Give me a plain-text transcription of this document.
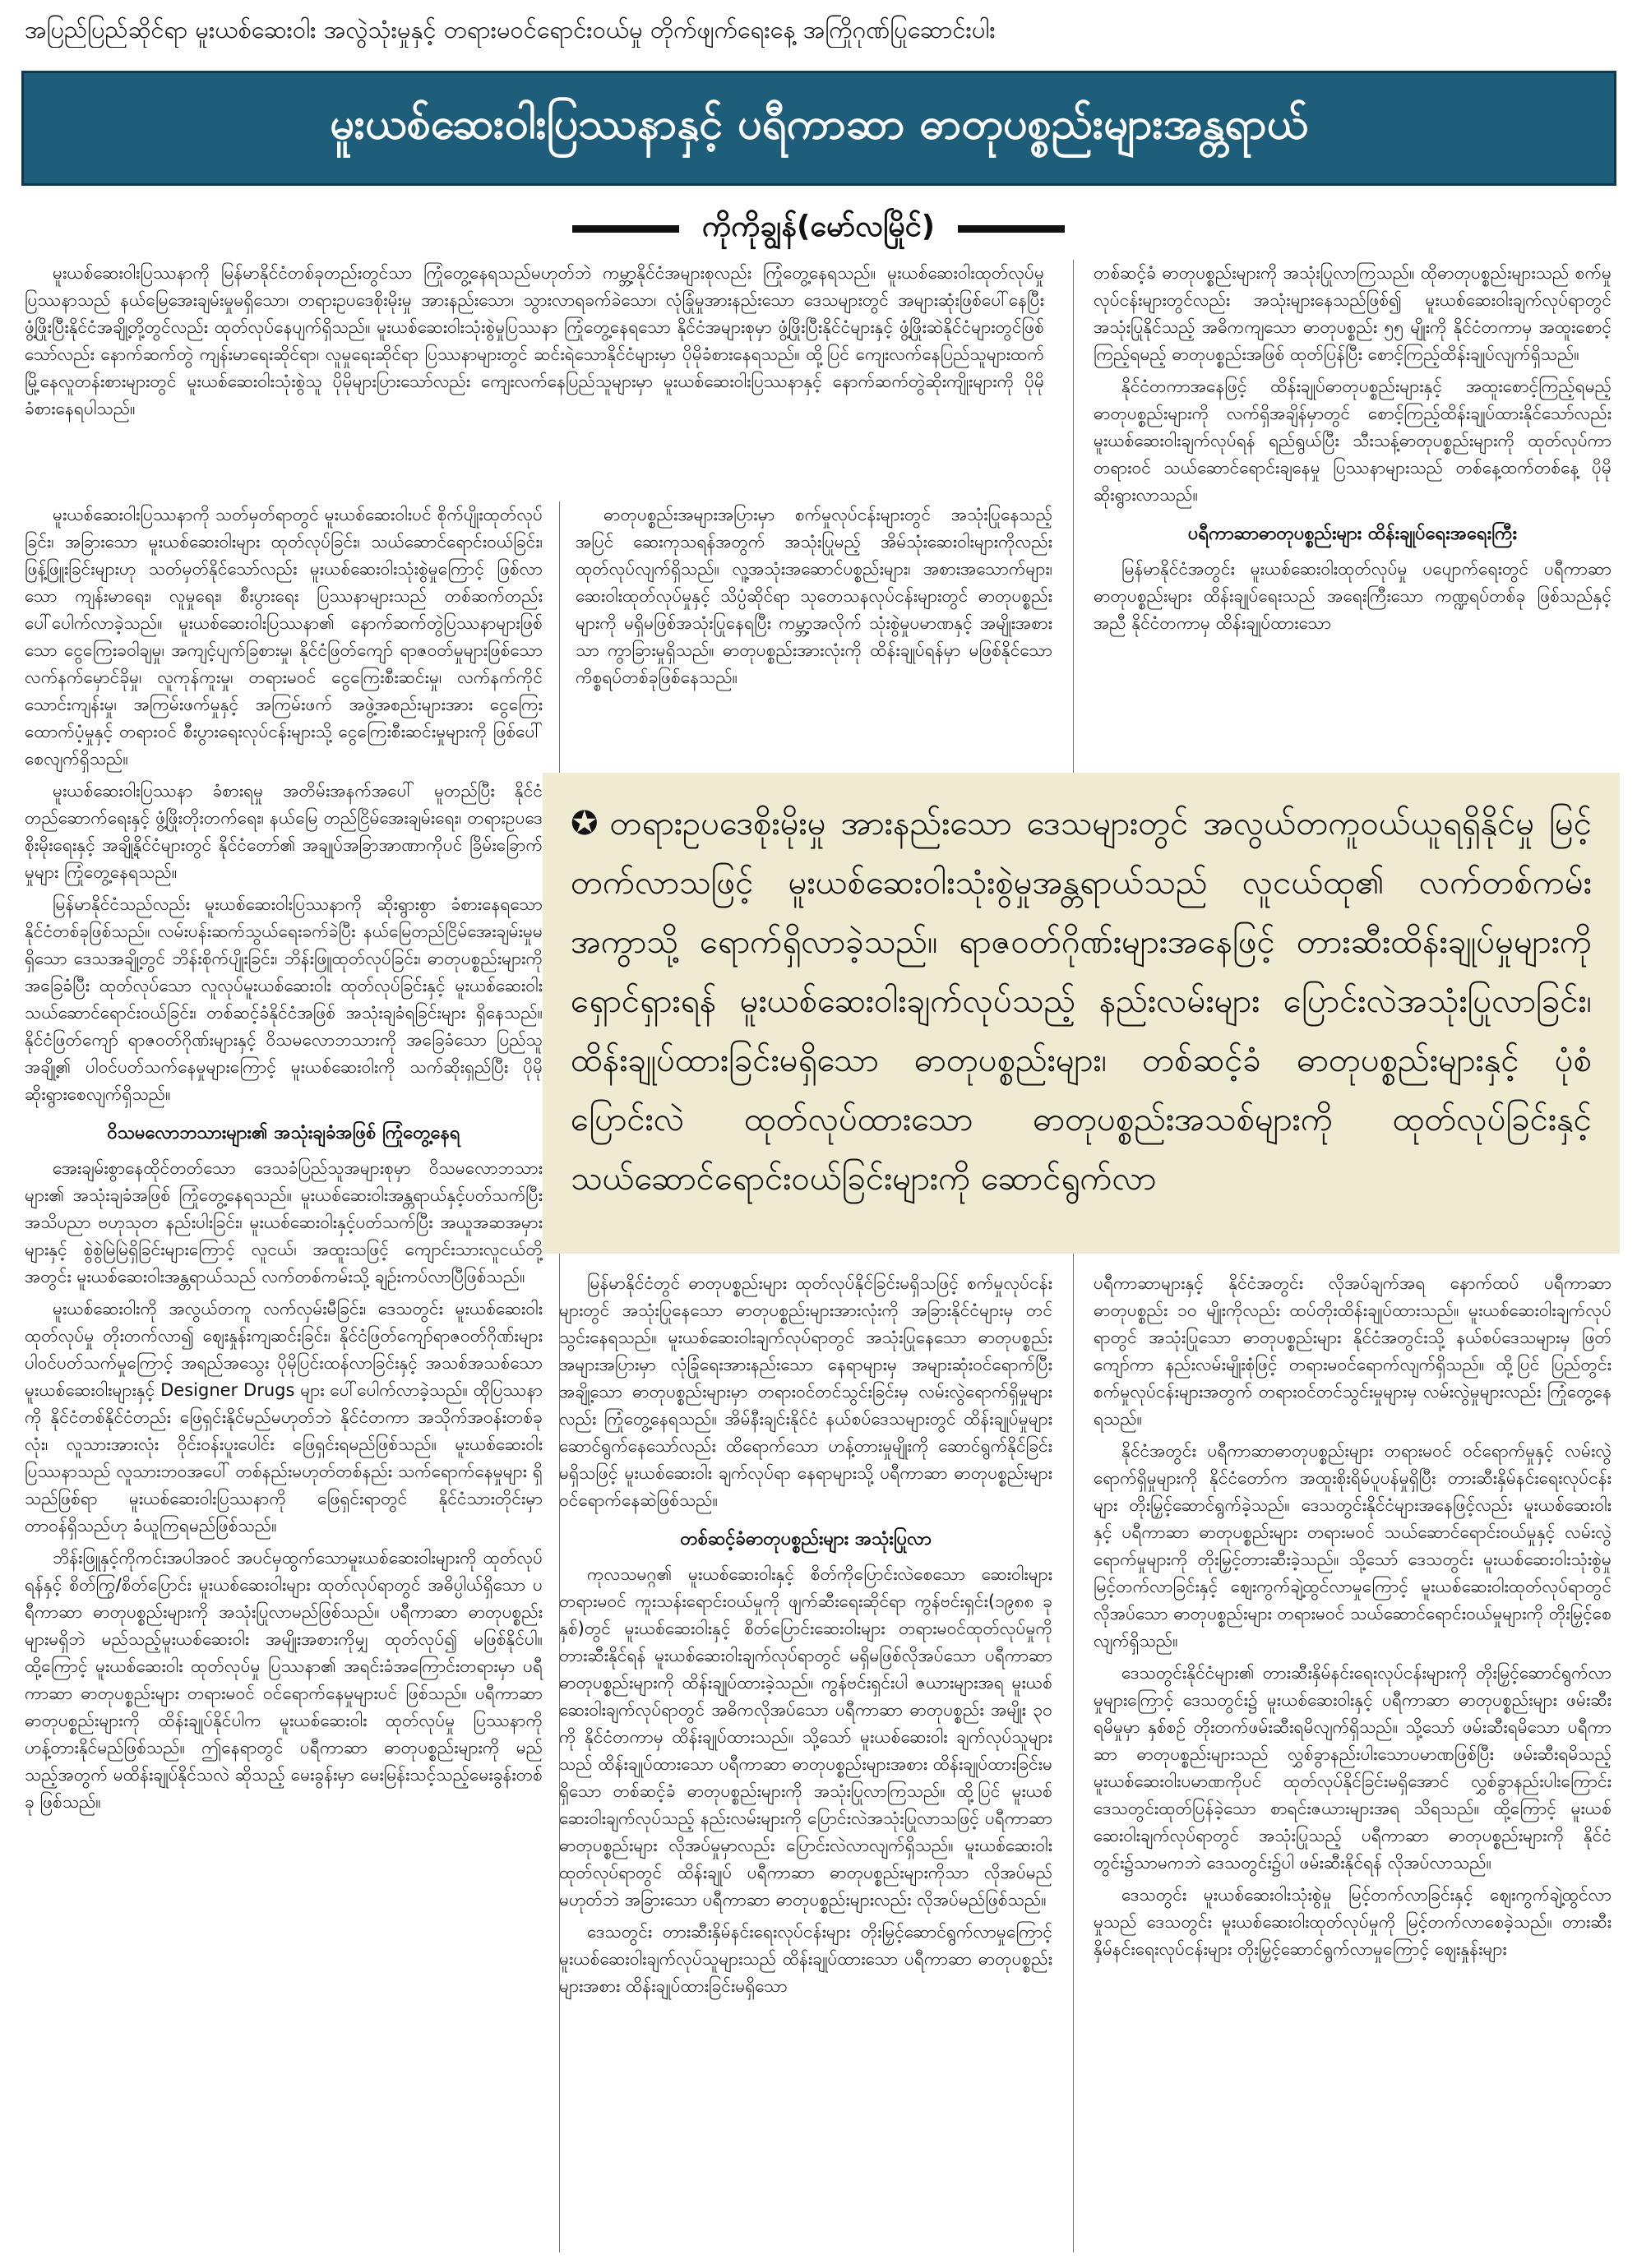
အပြည်ပြည်ဆိုင်ရာ မူးယစ်ဆေးဝါး အလွဲသုံးမှုနှင့် တရားမဝင်ရောင်းဝယ်မှု တိုက်ဖျက်ရေးနေ့ အကြိုဂုဏ်ပြုဆောင်းပါး
မူးယစ်ဆေးဝါးပြဿနာနှင့် ပရီကာဆာ ဓာတုပစ္စည်းများအန္တရာယ်
ကိုကိုချွန်(မော်လမြိုင်)

မူးယစ်ဆေးဝါးပြဿနာကို မြန်မာနိုင်ငံတစ်ခုတည်းတွင်သာ ကြုံတွေ့နေရသည်မဟုတ်ဘဲ ကမ္ဘာ့နိုင်ငံအများစုလည်း ကြုံတွေ့နေရသည်။ မူးယစ်ဆေးဝါးထုတ်လုပ်မှု ပြဿနာသည် နယ်မြေအေးချမ်းမှုမရှိသော၊ တရားဥပဒေစိုးမိုးမှု အားနည်းသော၊ သွားလာရခက်ခဲသော၊ လုံခြုံမှုအားနည်းသော ဒေသများတွင် အများဆုံးဖြစ်ပေါ်နေပြီး ဖွံ့ဖြိုးပြီးနိုင်ငံအချို့တို့တွင်လည်း ထုတ်လုပ်နေပျက်ရှိသည်။ မူးယစ်ဆေးဝါးသုံးစွဲမှုပြဿနာ ကြုံတွေ့နေရသော နိုင်ငံအများစုမှာ ဖွံ့ဖြိုးပြီးနိုင်ငံများနှင့် ဖွံ့ဖြိုးဆဲနိုင်ငံများတွင်ဖြစ်သော်လည်း နောက်ဆက်တွဲ ကျန်းမာရေးဆိုင်ရာ၊ လူမှုရေးဆိုင်ရာ ပြဿနာများတွင် ဆင်းရဲသောနိုင်ငံများမှာ ပိုမိုခံစားနေရသည်။ ထို့ပြင် ကျေးလက်နေပြည်သူများထက် မြို့နေလူတန်းစားများတွင် မူးယစ်ဆေးဝါးသုံးစွဲသူ ပိုမိုများပြားသော်လည်း ကျေးလက်နေပြည်သူများမှာ မူးယစ်ဆေးဝါးပြဿနာနှင့် နောက်ဆက်တွဲဆိုးကျိုးများကို ပိုမိုခံစားနေရပါသည်။

မူးယစ်ဆေးဝါးပြဿနာကို သတ်မှတ်ရာတွင် မူးယစ်ဆေးဝါးပင် စိုက်ပျိုးထုတ်လုပ်ခြင်း၊ အခြားသော မူးယစ်ဆေးဝါးများ ထုတ်လုပ်ခြင်း၊ သယ်ဆောင်ရောင်းဝယ်ခြင်း၊ ဖြန့်ဖြူးခြင်းများဟု သတ်မှတ်နိုင်သော်လည်း မူးယစ်ဆေးဝါးသုံးစွဲမှုကြောင့် ဖြစ်လာသော ကျန်းမာရေး၊ လူမှုရေး၊ စီးပွားရေး ပြဿနာများသည် တစ်ဆက်တည်း ပေါ်ပေါက်လာခဲ့သည်။ မူးယစ်ဆေးဝါးပြဿနာ၏ နောက်ဆက်တွဲပြဿနာများဖြစ်သော ငွေကြေးခဝါချမှု၊ အကျင့်ပျက်ခြစားမှု၊ နိုင်ငံဖြတ်ကျော် ရာဇဝတ်မှုများဖြစ်သော လက်နက်မှောင်ခိုမှု၊ လူကုန်ကူးမှု၊ တရားမဝင် ငွေကြေးစီးဆင်းမှု၊ လက်နက်ကိုင် သောင်းကျန်းမှု၊ အကြမ်းဖက်မှုနှင့် အကြမ်းဖက် အဖွဲ့အစည်းများအား ငွေကြေးထောက်ပံ့မှုနှင့် တရားဝင် စီးပွားရေးလုပ်ငန်းများသို့ ငွေကြေးစီးဆင်းမှုများကို ဖြစ်ပေါ်စေလျက်ရှိသည်။

မူးယစ်ဆေးဝါးပြဿနာ ခံစားရမှု အတိမ်းအနက်အပေါ် မူတည်ပြီး နိုင်ငံတည်ဆောက်ရေးနှင့် ဖွံ့ဖြိုးတိုးတက်ရေး၊ နယ်မြေ တည်ငြိမ်အေးချမ်းရေး၊ တရားဥပဒေစိုးမိုးရေးနှင့် အချို့နိုင်ငံများတွင် နိုင်ငံတော်၏ အချုပ်အခြာအာဏာကိုပင် ခြိမ်းခြောက်မှုများ ကြုံတွေ့နေရသည်။

မြန်မာနိုင်ငံသည်လည်း မူးယစ်ဆေးဝါးပြဿနာကို ဆိုးရွားစွာ ခံစားနေရသော နိုင်ငံတစ်ခုဖြစ်သည်။ လမ်းပန်းဆက်သွယ်ရေးခက်ခဲပြီး နယ်မြေတည်ငြိမ်အေးချမ်းမှုမရှိသော ဒေသအချို့တွင် ဘိန်းစိုက်ပျိုးခြင်း၊ ဘိန်းဖြူထုတ်လုပ်ခြင်း၊ ဓာတုပစ္စည်းများကိုအခြေခံပြီး ထုတ်လုပ်သော လူလုပ်မူးယစ်ဆေးဝါး ထုတ်လုပ်ခြင်းနှင့် မူးယစ်ဆေးဝါး သယ်ဆောင်ရောင်းဝယ်ခြင်း၊ တစ်ဆင့်ခံနိုင်ငံအဖြစ် အသုံးချခံရခြင်းများ ရှိနေသည်။ နိုင်ငံဖြတ်ကျော် ရာဇဝတ်ဂိုဏ်းများနှင့် ဝိသမလောဘသားကို အခြေခံသော ပြည်သူအချို့၏ ပါဝင်ပတ်သက်နေမှုများကြောင့် မူးယစ်ဆေးဝါးကို သက်ဆိုးရှည်ပြီး ပိုမိုဆိုးရွားစေလျက်ရှိသည်။

ဝိသမလောဘသားများ၏ အသုံးချခံအဖြစ် ကြုံတွေ့နေရ

အေးချမ်းစွာနေထိုင်တတ်သော ဒေသခံပြည်သူအများစုမှာ ဝိသမလောဘသားများ၏ အသုံးချခံအဖြစ် ကြုံတွေ့နေရသည်။ မူးယစ်ဆေးဝါးအန္တရာယ်နှင့်ပတ်သက်ပြီး အသိပညာ ဗဟုသုတ နည်းပါးခြင်း၊ မူးယစ်ဆေးဝါးနှင့်ပတ်သက်ပြီး အယူအဆအမှားများနှင့် စွဲစွဲမြဲမြဲရှိခြင်းများကြောင့် လူငယ်၊ အထူးသဖြင့် ကျောင်းသားလူငယ်တို့အတွင်း မူးယစ်ဆေးဝါးအန္တရာယ်သည် လက်တစ်ကမ်းသို့ ချဉ်းကပ်လာပြီဖြစ်သည်။

မူးယစ်ဆေးဝါးကို အလွယ်တကူ လက်လှမ်းမီခြင်း၊ ဒေသတွင်း မူးယစ်ဆေးဝါးထုတ်လုပ်မှု တိုးတက်လာ၍ ဈေးနှုန်းကျဆင်းခြင်း၊ နိုင်ငံဖြတ်ကျော်ရာဇဝတ်ဂိုဏ်းများ ပါဝင်ပတ်သက်မှုကြောင့် အရည်အသွေး ပိုမိုပြင်းထန်လာခြင်းနှင့် အသစ်အသစ်သော မူးယစ်ဆေးဝါးများနှင့် Designer Drugs များ ပေါ်ပေါက်လာခဲ့သည်။ ထိုပြဿနာကို နိုင်ငံတစ်နိုင်ငံတည်း ဖြေရှင်းနိုင်မည်မဟုတ်ဘဲ နိုင်ငံတကာ အသိုက်အဝန်းတစ်ခုလုံး၊ လူသားအားလုံး ဝိုင်းဝန်းပူးပေါင်း ဖြေရှင်းရမည်ဖြစ်သည်။ မူးယစ်ဆေးဝါးပြဿနာသည် လူသားဘဝအပေါ် တစ်နည်းမဟုတ်တစ်နည်း သက်ရောက်နေမှုများ ရှိသည်ဖြစ်ရာ မူးယစ်ဆေးဝါးပြဿနာကို ဖြေရှင်းရာတွင် နိုင်ငံသားတိုင်းမှာ တာဝန်ရှိသည်ဟု ခံယူကြရမည်ဖြစ်သည်။

ဘိန်းဖြူနှင့်ကိုကင်းအပါအဝင် အပင်မှထွက်သောမူးယစ်ဆေးဝါးများကို ထုတ်လုပ်ရန်နှင့် စိတ်ကြွ/စိတ်ပြောင်း မူးယစ်ဆေးဝါးများ ထုတ်လုပ်ရာတွင် အဓိပ္ပါယ်ရှိသော ပရီကာဆာ ဓာတုပစ္စည်းများကို အသုံးပြုလာမည်ဖြစ်သည်။ ပရီကာဆာ ဓာတုပစ္စည်းများမရှိဘဲ မည်သည့်မူးယစ်ဆေးဝါး အမျိုးအစားကိုမျှ ထုတ်လုပ်၍ မဖြစ်နိုင်ပါ။ ထို့ကြောင့် မူးယစ်ဆေးဝါး ထုတ်လုပ်မှု ပြဿနာ၏ အရင်းခံအကြောင်းတရားမှာ ပရီကာဆာ ဓာတုပစ္စည်းများ တရားမဝင် ဝင်ရောက်နေမှုများပင် ဖြစ်သည်။ ပရီကာဆာ ဓာတုပစ္စည်းများကို ထိန်းချုပ်နိုင်ပါက မူးယစ်ဆေးဝါး ထုတ်လုပ်မှု ပြဿနာကို ဟန့်တားနိုင်မည်ဖြစ်သည်။ ဤနေရာတွင် ပရီကာဆာ ဓာတုပစ္စည်းများကို မည်သည့်အတွက် မထိန်းချုပ်နိုင်သလဲ ဆိုသည့် မေးခွန်းမှာ မေးမြန်းသင့်သည့်မေးခွန်းတစ်ခု ဖြစ်သည်။

ဓာတုပစ္စည်းအများအပြားမှာ စက်မှုလုပ်ငန်းများတွင် အသုံးပြုနေသည့်အပြင် ဆေးကုသရန်အတွက် အသုံးပြုမည့် အိမ်သုံးဆေးဝါးများကိုလည်း ထုတ်လုပ်လျက်ရှိသည်။ လူ့အသုံးအဆောင်ပစ္စည်းများ၊ အစားအသောက်များ၊ ဆေးဝါးထုတ်လုပ်မှုနှင့် သိပ္ပံဆိုင်ရာ သုတေသနလုပ်ငန်းများတွင် ဓာတုပစ္စည်းများကို မရှိမဖြစ်အသုံးပြုနေရပြီး ကမ္ဘာ့အလိုက် သုံးစွဲမှုပမာဏနှင့် အမျိုးအစားသာ ကွာခြားမှုရှိသည်။ ဓာတုပစ္စည်းအားလုံးကို ထိန်းချုပ်ရန်မှာ မဖြစ်နိုင်သော ကိစ္စရပ်တစ်ခုဖြစ်နေသည်။

တစ်ဆင့်ခံ ဓာတုပစ္စည်းများကို အသုံးပြုလာကြသည်။ ထိုဓာတုပစ္စည်းများသည် စက်မှုလုပ်ငန်းများတွင်လည်း အသုံးများနေသည်ဖြစ်၍ မူးယစ်ဆေးဝါးချက်လုပ်ရာတွင် အသုံးပြုနိုင်သည့် အဓိကကျသော ဓာတုပစ္စည်း ၅၅ မျိုးကို နိုင်ငံတကာမှ အထူးစောင့်ကြည့်ရမည့် ဓာတုပစ္စည်းအဖြစ် ထုတ်ပြန်ပြီး စောင့်ကြည့်ထိန်းချုပ်လျက်ရှိသည်။

နိုင်ငံတကာအနေဖြင့် ထိန်းချုပ်ဓာတုပစ္စည်းများနှင့် အထူးစောင့်ကြည့်ရမည့် ဓာတုပစ္စည်းများကို လက်ရှိအချိန်မှာတွင် စောင့်ကြည့်ထိန်းချုပ်ထားနိုင်သော်လည်း မူးယစ်ဆေးဝါးချက်လုပ်ရန် ရည်ရွယ်ပြီး သီးသန့်ဓာတုပစ္စည်းများကို ထုတ်လုပ်ကာ တရားဝင် သယ်ဆောင်ရောင်းချနေမှု ပြဿနာများသည် တစ်နေ့ထက်တစ်နေ့ ပိုမိုဆိုးရွားလာသည်။

ပရီကာဆာဓာတုပစ္စည်းများ ထိန်းချုပ်ရေးအရေးကြီး

မြန်မာနိုင်ငံအတွင်း မူးယစ်ဆေးဝါးထုတ်လုပ်မှု ပပျောက်ရေးတွင် ပရီကာဆာ ဓာတုပစ္စည်းများ ထိန်းချုပ်ရေးသည် အရေးကြီးသော ကဏ္ဍရပ်တစ်ခု ဖြစ်သည်နှင့်အညီ နိုင်ငံတကာမှ ထိန်းချုပ်ထားသော

✪ တရားဥပဒေစိုးမိုးမှု အားနည်းသော ဒေသများတွင် အလွယ်တကူဝယ်ယူရရှိနိုင်မှု မြင့်တက်လာသဖြင့် မူးယစ်ဆေးဝါးသုံးစွဲမှုအန္တရာယ်သည် လူငယ်ထု၏ လက်တစ်ကမ်းအကွာသို့ ရောက်ရှိလာခဲ့သည်။ ရာဇဝတ်ဂိုဏ်းများအနေဖြင့် တားဆီးထိန်းချုပ်မှုများကို ရှောင်ရှားရန် မူးယစ်ဆေးဝါးချက်လုပ်သည့် နည်းလမ်းများ ပြောင်းလဲအသုံးပြုလာခြင်း၊ ထိန်းချုပ်ထားခြင်းမရှိသော ဓာတုပစ္စည်းများ၊ တစ်ဆင့်ခံ ဓာတုပစ္စည်းများနှင့် ပုံစံပြောင်းလဲ ထုတ်လုပ်ထားသော ဓာတုပစ္စည်းအသစ်များကို ထုတ်လုပ်ခြင်းနှင့် သယ်ဆောင်ရောင်းဝယ်ခြင်းများကို ဆောင်ရွက်လာ

မြန်မာနိုင်ငံတွင် ဓာတုပစ္စည်းများ ထုတ်လုပ်နိုင်ခြင်းမရှိသဖြင့် စက်မှုလုပ်ငန်းများတွင် အသုံးပြုနေသော ဓာတုပစ္စည်းများအားလုံးကို အခြားနိုင်ငံများမှ တင်သွင်းနေရသည်။ မူးယစ်ဆေးဝါးချက်လုပ်ရာတွင် အသုံးပြုနေသော ဓာတုပစ္စည်းအများအပြားမှာ လုံခြုံရေးအားနည်းသော နေရာများမှ အများဆုံးဝင်ရောက်ပြီး အချို့သော ဓာတုပစ္စည်းများမှာ တရားဝင်တင်သွင်းခြင်းမှ လမ်းလွဲရောက်ရှိမှုများလည်း ကြုံတွေ့နေရသည်။ အိမ်နီးချင်းနိုင်ငံ နယ်စပ်ဒေသများတွင် ထိန်းချုပ်မှုများ ဆောင်ရွက်နေသော်လည်း ထိရောက်သော ဟန့်တားမှုမျိုးကို ဆောင်ရွက်နိုင်ခြင်း မရှိသဖြင့် မူးယစ်ဆေးဝါး ချက်လုပ်ရာ နေရာများသို့ ပရီကာဆာ ဓာတုပစ္စည်းများ ဝင်ရောက်နေဆဲဖြစ်သည်။

တစ်ဆင့်ခံဓာတုပစ္စည်းများ အသုံးပြုလာ

ကုလသမဂ္ဂ၏ မူးယစ်ဆေးဝါးနှင့် စိတ်ကိုပြောင်းလဲစေသော ဆေးဝါးများ တရားမဝင် ကူးသန်းရောင်းဝယ်မှုကို ဖျက်ဆီးရေးဆိုင်ရာ ကွန်ဗင်းရှင်း(၁၉၈၈ ခုနှစ်)တွင် မူးယစ်ဆေးဝါးနှင့် စိတ်ပြောင်းဆေးဝါးများ တရားမဝင်ထုတ်လုပ်မှုကို တားဆီးနိုင်ရန် မူးယစ်ဆေးဝါးချက်လုပ်ရာတွင် မရှိမဖြစ်လိုအပ်သော ပရီကာဆာဓာတုပစ္စည်းများကို ထိန်းချုပ်ထားခဲ့သည်။ ကွန်ဗင်းရှင်းပါ ဇယားများအရ မူးယစ်ဆေးဝါးချက်လုပ်ရာတွင် အဓိကလိုအပ်သော ပရီကာဆာ ဓာတုပစ္စည်း အမျိုး ၃၀ ကို နိုင်ငံတကာမှ ထိန်းချုပ်ထားသည်။ သို့သော် မူးယစ်ဆေးဝါး ချက်လုပ်သူများသည် ထိန်းချုပ်ထားသော ပရီကာဆာ ဓာတုပစ္စည်းများအစား ထိန်းချုပ်ထားခြင်းမရှိသော တစ်ဆင့်ခံ ဓာတုပစ္စည်းများကို အသုံးပြုလာကြသည်။ ထို့ပြင် မူးယစ်ဆေးဝါးချက်လုပ်သည့် နည်းလမ်းများကို ပြောင်းလဲအသုံးပြုလာသဖြင့် ပရီကာဆာဓာတုပစ္စည်းများ လိုအပ်မှုမှာလည်း ပြောင်းလဲလာလျက်ရှိသည်။ မူးယစ်ဆေးဝါးထုတ်လုပ်ရာတွင် ထိန်းချုပ် ပရီကာဆာ ဓာတုပစ္စည်းများကိုသာ လိုအပ်မည်မဟုတ်ဘဲ အခြားသော ပရီကာဆာ ဓာတုပစ္စည်းများလည်း လိုအပ်မည်ဖြစ်သည်။

ဒေသတွင်း တားဆီးနှိမ်နင်းရေးလုပ်ငန်းများ တိုးမြှင့်ဆောင်ရွက်လာမှုကြောင့် မူးယစ်ဆေးဝါးချက်လုပ်သူများသည် ထိန်းချုပ်ထားသော ပရီကာဆာ ဓာတုပစ္စည်းများအစား ထိန်းချုပ်ထားခြင်းမရှိသော

ပရီကာဆာများနှင့် နိုင်ငံအတွင်း လိုအပ်ချက်အရ နောက်ထပ် ပရီကာဆာ ဓာတုပစ္စည်း ၁၀ မျိုးကိုလည်း ထပ်တိုးထိန်းချုပ်ထားသည်။ မူးယစ်ဆေးဝါးချက်လုပ်ရာတွင် အသုံးပြုသော ဓာတုပစ္စည်းများ နိုင်ငံအတွင်းသို့ နယ်စပ်ဒေသများမှ ဖြတ်ကျော်ကာ နည်းလမ်းမျိုးစုံဖြင့် တရားမဝင်ရောက်လျက်ရှိသည်။ ထို့ပြင် ပြည်တွင်းစက်မှုလုပ်ငန်းများအတွက် တရားဝင်တင်သွင်းမှုများမှ လမ်းလွဲမှုများလည်း ကြုံတွေ့နေရသည်။

နိုင်ငံအတွင်း ပရီကာဆာဓာတုပစ္စည်းများ တရားမဝင် ဝင်ရောက်မှုနှင့် လမ်းလွဲရောက်ရှိမှုများကို နိုင်ငံတော်က အထူးစိုးရိမ်ပူပန်မှုရှိပြီး တားဆီးနှိမ်နင်းရေးလုပ်ငန်းများ တိုးမြှင့်ဆောင်ရွက်ခဲ့သည်။ ဒေသတွင်းနိုင်ငံများအနေဖြင့်လည်း မူးယစ်ဆေးဝါးနှင့် ပရီကာဆာ ဓာတုပစ္စည်းများ တရားမဝင် သယ်ဆောင်ရောင်းဝယ်မှုနှင့် လမ်းလွဲရောက်မှုများကို တိုးမြှင့်တားဆီးခဲ့သည်။ သို့သော် ဒေသတွင်း မူးယစ်ဆေးဝါးသုံးစွဲမှုမြင့်တက်လာခြင်းနှင့် ဈေးကွက်ချဲ့ထွင်လာမှုကြောင့် မူးယစ်ဆေးဝါးထုတ်လုပ်ရာတွင် လိုအပ်သော ဓာတုပစ္စည်းများ တရားမဝင် သယ်ဆောင်ရောင်းဝယ်မှုများကို တိုးမြှင့်စေလျက်ရှိသည်။

ဒေသတွင်းနိုင်ငံများ၏ တားဆီးနှိမ်နင်းရေးလုပ်ငန်းများကို တိုးမြှင့်ဆောင်ရွက်လာမှုများကြောင့် ဒေသတွင်း၌ မူးယစ်ဆေးဝါးနှင့် ပရီကာဆာ ဓာတုပစ္စည်းများ ဖမ်းဆီးရမိမှုမှာ နှစ်စဉ် တိုးတက်ဖမ်းဆီးရမိလျက်ရှိသည်။ သို့သော် ဖမ်းဆီးရမိသော ပရီကာဆာ ဓာတုပစ္စည်းများသည် လွှစ်ခွာနည်းပါးသောပမာဏဖြစ်ပြီး ဖမ်းဆီးရမိသည့် မူးယစ်ဆေးဝါးပမာဏကိုပင် ထုတ်လုပ်နိုင်ခြင်းမရှိအောင် လွှစ်ခွာနည်းပါးကြောင်း ဒေသတွင်းထုတ်ပြန်ခဲ့သော စာရင်းဇယားများအရ သိရသည်။ ထို့ကြောင့် မူးယစ်ဆေးဝါးချက်လုပ်ရာတွင် အသုံးပြုသည့် ပရီကာဆာ ဓာတုပစ္စည်းများကို နိုင်ငံတွင်း၌သာမကဘဲ ဒေသတွင်း၌ပါ ဖမ်းဆီးနိုင်ရန် လိုအပ်လာသည်။

ဒေသတွင်း မူးယစ်ဆေးဝါးသုံးစွဲမှု မြင့်တက်လာခြင်းနှင့် ဈေးကွက်ချဲ့ထွင်လာမှုသည် ဒေသတွင်း မူးယစ်ဆေးဝါးထုတ်လုပ်မှုကို မြင့်တက်လာစေခဲ့သည်။ တားဆီးနှိမ်နင်းရေးလုပ်ငန်းများ တိုးမြှင့်ဆောင်ရွက်လာမှုကြောင့် ဈေးနှုန်းများ
